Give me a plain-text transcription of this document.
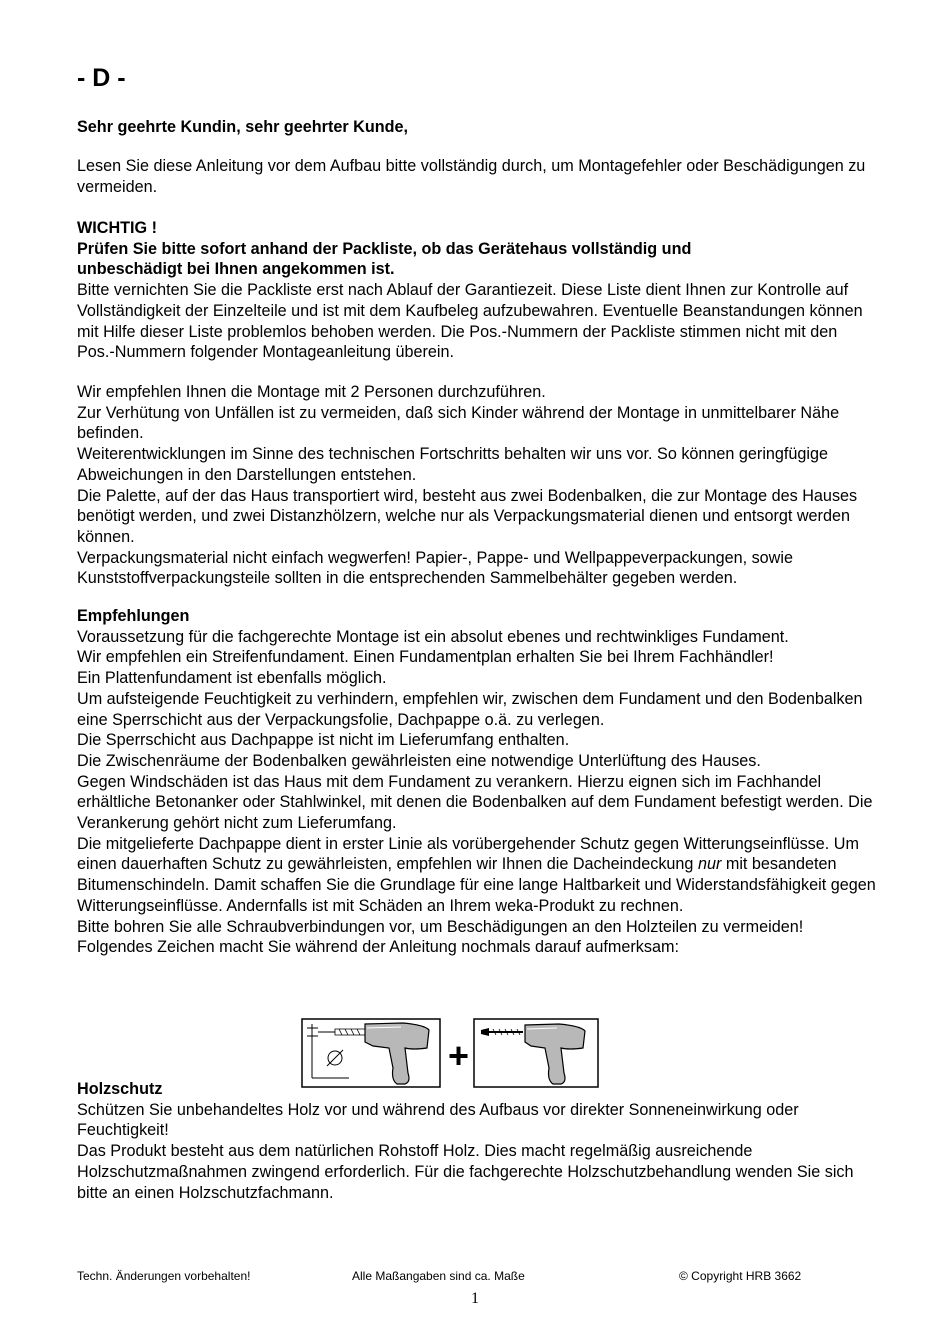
- D -

Sehr geehrte Kundin, sehr geehrter Kunde,

Lesen Sie diese Anleitung vor dem Aufbau bitte vollständig durch, um Montagefehler oder Beschädigungen zu vermeiden.

WICHTIG !

Prüfen Sie bitte sofort anhand der Packliste, ob das Gerätehaus vollständig und unbeschädigt bei Ihnen angekommen ist.

Bitte vernichten Sie die Packliste erst nach Ablauf der Garantiezeit. Diese Liste dient Ihnen zur Kontrolle auf Vollständigkeit der Einzelteile und ist mit dem Kaufbeleg aufzubewahren. Eventuelle Beanstandungen können mit Hilfe dieser Liste problemlos behoben werden. Die Pos.-Nummern der Packliste stimmen nicht mit den Pos.-Nummern folgender Montageanleitung überein.

Wir empfehlen Ihnen die Montage mit 2 Personen durchzuführen.

Zur Verhütung von Unfällen ist zu vermeiden, daß sich Kinder während der Montage in unmittelbarer Nähe befinden.

Weiterentwicklungen im Sinne des technischen Fortschritts behalten wir uns vor. So können geringfügige Abweichungen in den Darstellungen entstehen.

Die Palette, auf der das Haus transportiert wird, besteht aus zwei Bodenbalken, die zur Montage des Hauses benötigt werden, und zwei Distanzhölzern, welche nur als Verpackungsmaterial dienen und entsorgt werden können.

Verpackungsmaterial nicht einfach wegwerfen! Papier-, Pappe- und Wellpappeverpackungen, sowie Kunststoffverpackungsteile sollten in die entsprechenden Sammelbehälter gegeben werden.

Empfehlungen

Voraussetzung für die fachgerechte Montage ist ein absolut ebenes und rechtwinkliges Fundament.

Wir empfehlen ein Streifenfundament. Einen Fundamentplan erhalten Sie bei Ihrem Fachhändler!

Ein Plattenfundament ist ebenfalls möglich.

Um aufsteigende Feuchtigkeit zu verhindern, empfehlen wir, zwischen dem Fundament und den Bodenbalken eine Sperrschicht aus der Verpackungsfolie, Dachpappe o.ä. zu verlegen.

Die Sperrschicht aus Dachpappe ist nicht im Lieferumfang enthalten.

Die Zwischenräume der Bodenbalken gewährleisten eine notwendige Unterlüftung des Hauses.

Gegen Windschäden ist das Haus mit dem Fundament zu verankern. Hierzu eignen sich im Fachhandel erhältliche Betonanker oder Stahlwinkel, mit denen die Bodenbalken auf dem Fundament befestigt werden. Die Verankerung gehört nicht zum Lieferumfang.

Die mitgelieferte Dachpappe dient in erster Linie als vorübergehender Schutz gegen Witterungseinflüsse. Um einen dauerhaften Schutz zu gewährleisten, empfehlen wir Ihnen die Dacheindeckung nur mit besandeten Bitumenschindeln. Damit schaffen Sie die Grundlage für eine lange Haltbarkeit und Widerstandsfähigkeit gegen Witterungseinflüsse. Andernfalls ist mit Schäden an Ihrem weka-Produkt zu rechnen.

Bitte bohren Sie alle Schraubverbindungen vor, um Beschädigungen an den Holzteilen zu vermeiden! Folgendes Zeichen macht Sie während der Anleitung nochmals darauf aufmerksam:

+

Holzschutz

Schützen Sie unbehandeltes Holz vor und während des Aufbaus vor direkter Sonneneinwirkung oder Feuchtigkeit!

Das Produkt besteht aus dem natürlichen Rohstoff Holz. Dies macht regelmäßig ausreichende Holzschutzmaßnahmen zwingend erforderlich. Für die fachgerechte Holzschutzbehandlung wenden Sie sich bitte an einen Holzschutzfachmann.

Techn. Änderungen vorbehalten!	Alle Maßangaben sind ca. Maße	© Copyright HRB 3662

1
